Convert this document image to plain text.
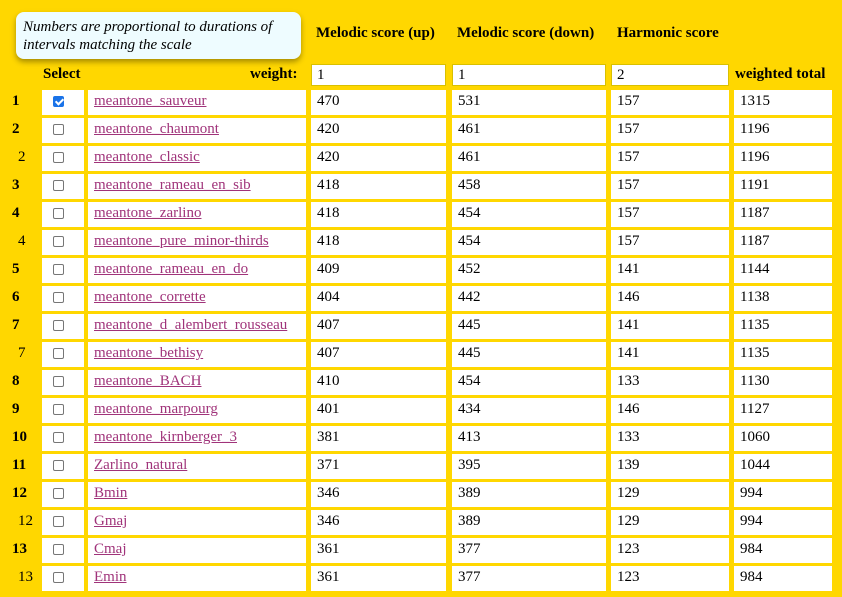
Numbers are proportional to durations of intervals matching the scale
Melodic score (up) Melodic score (down) Harmonic score
Select	weight:	1	1	2	weighted total
1	meantone_sauveur	470	531	157	1315
2	meantone_chaumont	420	461	157	1196
2	meantone_classic	420	461	157	1196
3	meantone_rameau_en_sib	418	458	157	1191
4	meantone_zarlino	418	454	157	1187
4	meantone_pure_minor-thirds	418	454	157	1187
5	meantone_rameau_en_do	409	452	141	1144
6	meantone_corrette	404	442	146	1138
7	meantone_d_alembert_rousseau	407	445	141	1135
7	meantone_bethisy	407	445	141	1135
8	meantone_BACH	410	454	133	1130
9	meantone_marpourg	401	434	146	1127
10	meantone_kirnberger_3	381	413	133	1060
11	Zarlino_natural	371	395	139	1044
12	Bmin	346	389	129	994
12	Gmaj	346	389	129	994
13	Cmaj	361	377	123	984
13	Emin	361	377	123	984
